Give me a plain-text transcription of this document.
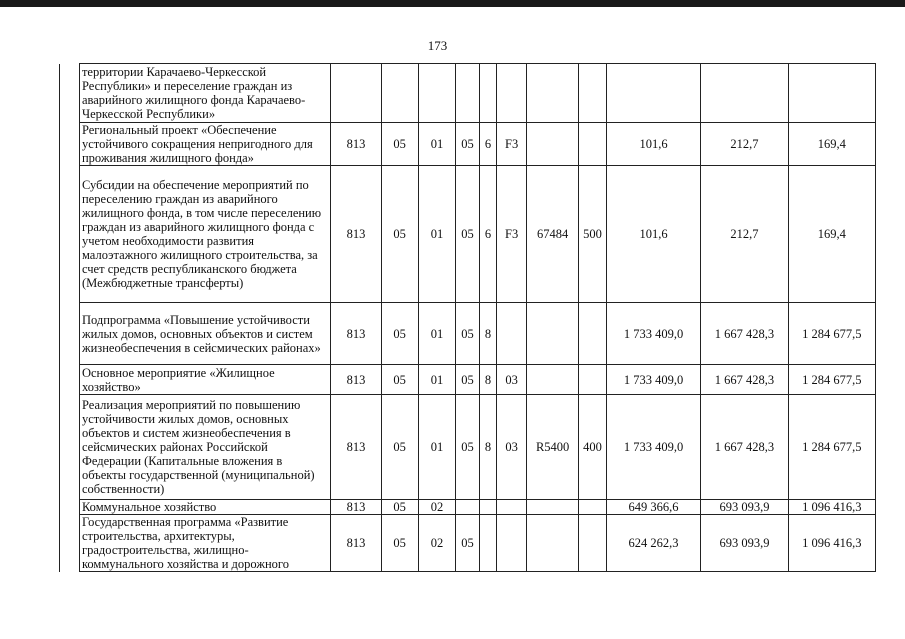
173
	территории Карачаево-Черкесской Республики» и переселение граждан из аварийного жилищного фонда Карачаево-Черкесской Республики»											
	Региональный проект «Обеспечение устойчивого сокращения непригодного для проживания жилищного фонда»	813	05	01	05	6	F3			101,6	212,7	169,4
	Субсидии на обеспечение мероприятий по переселению граждан из аварийного жилищного фонда, в том числе переселению граждан из аварийного жилищного фонда с учетом необходимости развития малоэтажного жилищного строительства, за счет средств республиканского бюджета (Межбюджетные трансферты)	813	05	01	05	6	F3	67484	500	101,6	212,7	169,4
	Подпрограмма «Повышение устойчивости жилых домов, основных объектов и систем жизнеобеспечения в сейсмических районах»	813	05	01	05	8				1 733 409,0	1 667 428,3	1 284 677,5
	Основное мероприятие «Жилищное хозяйство»	813	05	01	05	8	03			1 733 409,0	1 667 428,3	1 284 677,5
	Реализация мероприятий по повышению устойчивости жилых домов, основных объектов и систем жизнеобеспечения в сейсмических районах Российской Федерации (Капитальные вложения в объекты государственной (муниципальной) собственности)	813	05	01	05	8	03	R5400	400	1 733 409,0	1 667 428,3	1 284 677,5
	Коммунальное хозяйство	813	05	02						649 366,6	693 093,9	1 096 416,3
	Государственная программа «Развитие строительства, архитектуры, градостроительства, жилищно-коммунального хозяйства и дорожного	813	05	02	05					624 262,3	693 093,9	1 096 416,3
